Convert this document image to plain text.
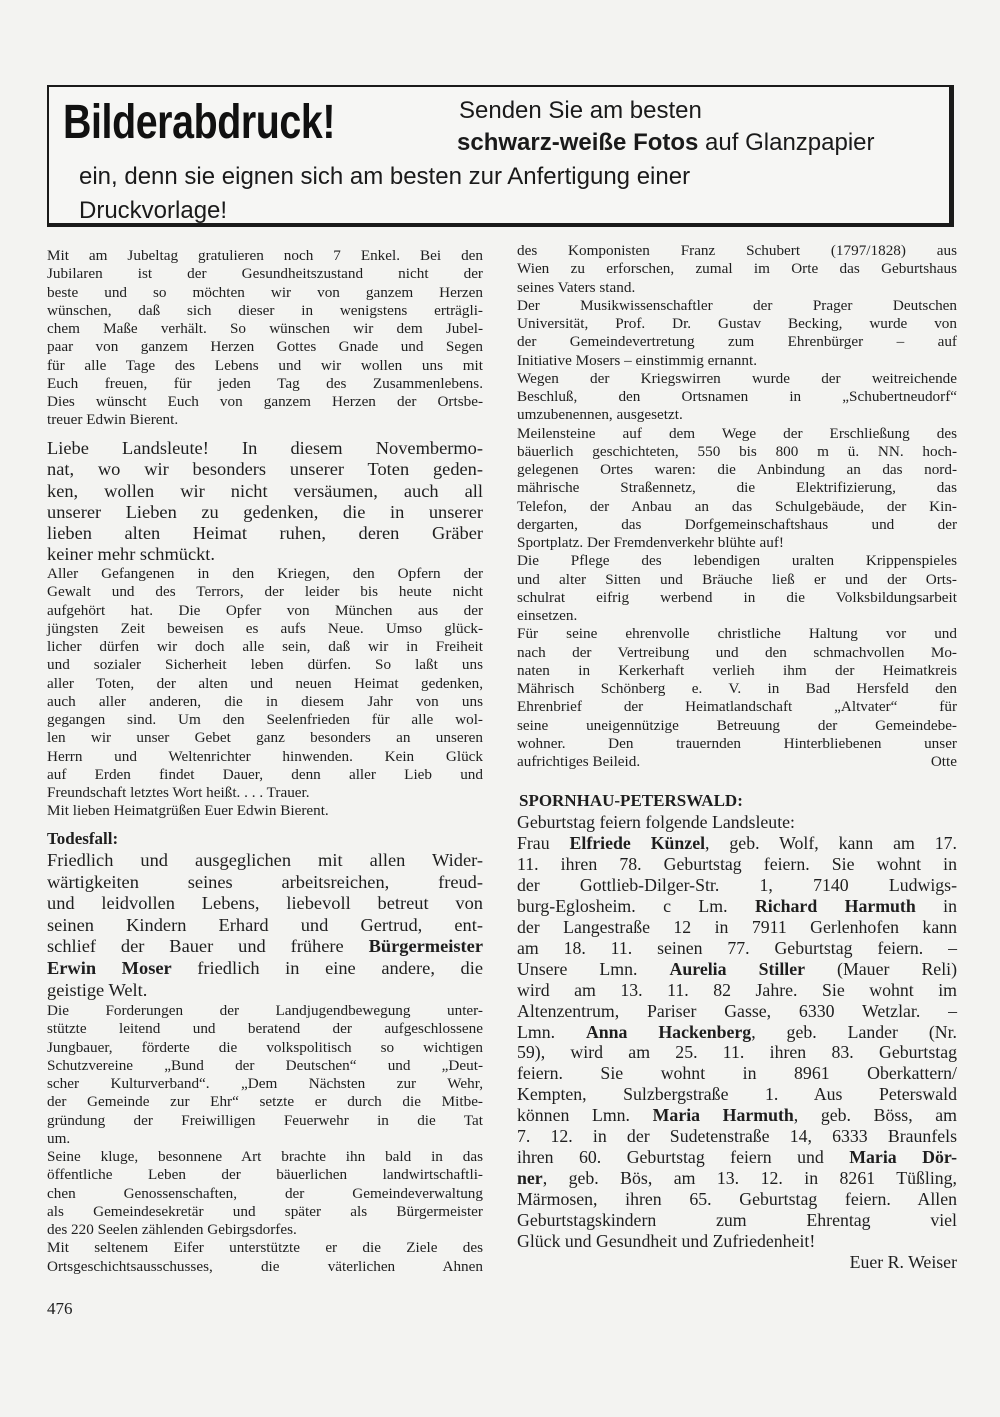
Bilderabdruck!	Senden Sie am besten
schwarz-weiße Fotos auf Glanzpapier
ein, denn sie eignen sich am besten zur Anfertigung einer
Druckvorlage!
Mit am Jubeltag gratulieren noch 7 Enkel. Bei den
Jubilaren ist der Gesundheitszustand nicht der
beste und so möchten wir von ganzem Herzen
wünschen, daß sich dieser in wenigstens erträgli-
chem Maße verhält. So wünschen wir dem Jubel-
paar von ganzem Herzen Gottes Gnade und Segen
für alle Tage des Lebens und wir wollen uns mit
Euch freuen, für jeden Tag des Zusammenlebens.
Dies wünscht Euch von ganzem Herzen der Ortsbe-
treuer Edwin Bierent.
Liebe Landsleute! In diesem Novembermo-
nat, wo wir besonders unserer Toten geden-
ken, wollen wir nicht versäumen, auch all
unserer Lieben zu gedenken, die in unserer
lieben alten Heimat ruhen, deren Gräber
keiner mehr schmückt.
Aller Gefangenen in den Kriegen, den Opfern der
Gewalt und des Terrors, der leider bis heute nicht
aufgehört hat. Die Opfer von München aus der
jüngsten Zeit beweisen es aufs Neue. Umso glück-
licher dürfen wir doch alle sein, daß wir in Freiheit
und sozialer Sicherheit leben dürfen. So laßt uns
aller Toten, der alten und neuen Heimat gedenken,
auch aller anderen, die in diesem Jahr von uns
gegangen sind. Um den Seelenfrieden für alle wol-
len wir unser Gebet ganz besonders an unseren
Herrn und Weltenrichter hinwenden. Kein Glück
auf Erden findet Dauer, denn aller Lieb und
Freundschaft letztes Wort heißt. . . . Trauer.
Mit lieben Heimatgrüßen Euer Edwin Bierent.
Todesfall:
Friedlich und ausgeglichen mit allen Wider-
wärtigkeiten seines arbeitsreichen, freud-
und leidvollen Lebens, liebevoll betreut von
seinen Kindern Erhard und Gertrud, ent-
schlief der Bauer und frühere Bürgermeister
Erwin Moser friedlich in eine andere, die
geistige Welt.
Die Forderungen der Landjugendbewegung unter-
stützte leitend und beratend der aufgeschlossene
Jungbauer, förderte die volkspolitisch so wichtigen
Schutzvereine „Bund der Deutschen“ und „Deut-
scher Kulturverband“. „Dem Nächsten zur Wehr,
der Gemeinde zur Ehr“ setzte er durch die Mitbe-
gründung der Freiwilligen Feuerwehr in die Tat
um.
Seine kluge, besonnene Art brachte ihn bald in das
öffentliche Leben der bäuerlichen landwirtschaftli-
chen Genossenschaften, der Gemeindeverwaltung
als Gemeindesekretär und später als Bürgermeister
des 220 Seelen zählenden Gebirgsdorfes.
Mit seltenem Eifer unterstützte er die Ziele des
Ortsgeschichtsausschusses, die väterlichen Ahnen
des Komponisten Franz Schubert (1797/1828) aus
Wien zu erforschen, zumal im Orte das Geburtshaus
seines Vaters stand.
Der Musikwissenschaftler der Prager Deutschen
Universität, Prof. Dr. Gustav Becking, wurde von
der Gemeindevertretung zum Ehrenbürger – auf
Initiative Mosers – einstimmig ernannt.
Wegen der Kriegswirren wurde der weitreichende
Beschluß, den Ortsnamen in „Schubertneudorf“
umzubenennen, ausgesetzt.
Meilensteine auf dem Wege der Erschließung des
bäuerlich geschichteten, 550 bis 800 m ü. NN. hoch-
gelegenen Ortes waren: die Anbindung an das nord-
mährische Straßennetz, die Elektrifizierung, das
Telefon, der Anbau an das Schulgebäude, der Kin-
dergarten, das Dorfgemeinschaftshaus und der
Sportplatz. Der Fremdenverkehr blühte auf!
Die Pflege des lebendigen uralten Krippenspieles
und alter Sitten und Bräuche ließ er und der Orts-
schulrat eifrig werbend in die Volksbildungsarbeit
einsetzen.
Für seine ehrenvolle christliche Haltung vor und
nach der Vertreibung und den schmachvollen Mo-
naten in Kerkerhaft verlieh ihm der Heimatkreis
Mährisch Schönberg e. V. in Bad Hersfeld den
Ehrenbrief der Heimatlandschaft „Altvater“ für
seine uneigennützige Betreuung der Gemeindebe-
wohner. Den trauernden Hinterbliebenen unser
aufrichtiges Beileid.	Otte
SPORNHAU-PETERSWALD:
Geburtstag feiern folgende Landsleute:
Frau Elfriede Künzel, geb. Wolf, kann am 17.
11. ihren 78. Geburtstag feiern. Sie wohnt in
der Gottlieb-Dilger-Str. 1, 7140 Ludwigs-
burg-Eglosheim. c Lm. Richard Harmuth in
der Langestraße 12 in 7911 Gerlenhofen kann
am 18. 11. seinen 77. Geburtstag feiern. –
Unsere Lmn. Aurelia Stiller (Mauer Reli)
wird am 13. 11. 82 Jahre. Sie wohnt im
Altenzentrum, Pariser Gasse, 6330 Wetzlar. –
Lmn. Anna Hackenberg, geb. Lander (Nr.
59), wird am 25. 11. ihren 83. Geburtstag
feiern. Sie wohnt in 8961 Oberkattern/
Kempten, Sulzbergstraße 1. Aus Peterswald
können Lmn. Maria Harmuth, geb. Böss, am
7. 12. in der Sudetenstraße 14, 6333 Braunfels
ihren 60. Geburtstag feiern und Maria Dör-
ner, geb. Bös, am 13. 12. in 8261 Tüßling,
Märmosen, ihren 65. Geburtstag feiern. Allen
Geburtstagskindern zum Ehrentag viel
Glück und Gesundheit und Zufriedenheit!
Euer R. Weiser
476
